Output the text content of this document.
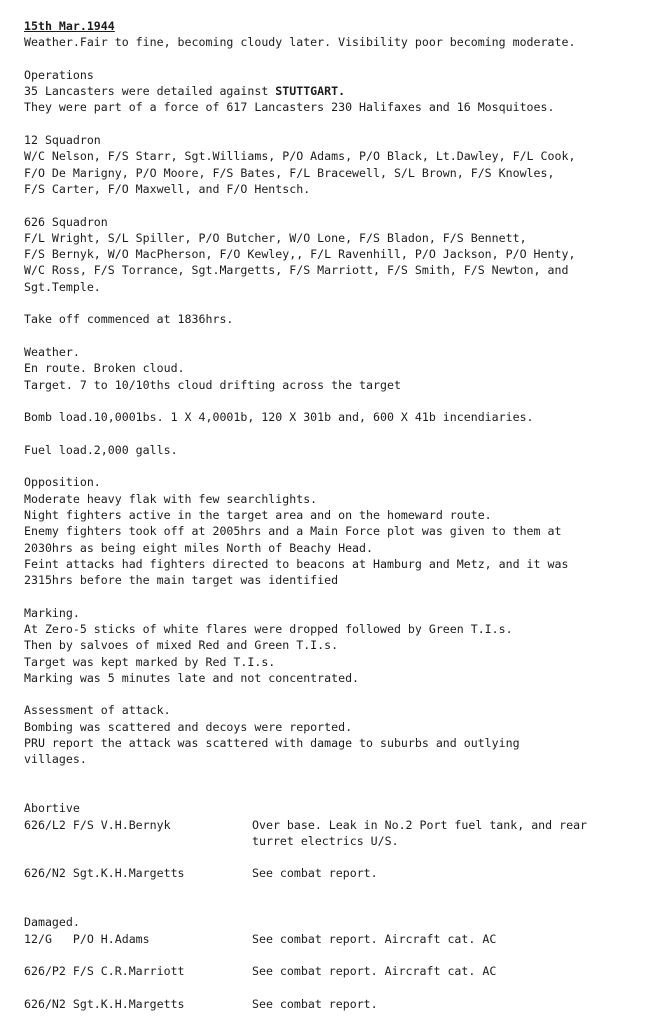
15th Mar.1944
Weather.Fair to fine, becoming cloudy later. Visibility poor becoming moderate.
Operations
35 Lancasters were detailed against STUTTGART.
They were part of a force of 617 Lancasters 230 Halifaxes and 16 Mosquitoes.
12 Squadron
W/C Nelson, F/S Starr, Sgt.Williams, P/O Adams, P/O Black, Lt.Dawley, F/L Cook,
F/O De Marigny, P/O Moore, F/S Bates, F/L Bracewell, S/L Brown, F/S Knowles,
F/S Carter, F/O Maxwell, and F/O Hentsch.
626 Squadron
F/L Wright, S/L Spiller, P/O Butcher, W/O Lone, F/S Bladon, F/S Bennett,
F/S Bernyk, W/O MacPherson, F/O Kewley,, F/L Ravenhill, P/O Jackson, P/O Henty,
W/C Ross, F/S Torrance, Sgt.Margetts, F/S Marriott, F/S Smith, F/S Newton, and
Sgt.Temple.
Take off commenced at 1836hrs.
Weather.
En route. Broken cloud.
Target. 7 to 10/10ths cloud drifting across the target
Bomb load.10,0001bs. 1 X 4,0001b, 120 X 301b and, 600 X 41b incendiaries.
Fuel load.2,000 galls.
Opposition.
Moderate heavy flak with few searchlights.
Night fighters active in the target area and on the homeward route.
Enemy fighters took off at 2005hrs and a Main Force plot was given to them at
2030hrs as being eight miles North of Beachy Head.
Feint attacks had fighters directed to beacons at Hamburg and Metz, and it was
2315hrs before the main target was identified
Marking.
At Zero-5 sticks of white flares were dropped followed by Green T.I.s.
Then by salvoes of mixed Red and Green T.I.s.
Target was kept marked by Red T.I.s.
Marking was 5 minutes late and not concentrated.
Assessment of attack.
Bombing was scattered and decoys were reported.
PRU report the attack was scattered with damage to suburbs and outlying
villages.
Abortive
626/L2 F/S V.H.Bernyk	Over base. Leak in No.2 Port fuel tank, and rear
turret electrics U/S.
626/N2 Sgt.K.H.Margetts	See combat report.
Damaged.
12/G   P/O H.Adams	See combat report. Aircraft cat. AC
626/P2 F/S C.R.Marriott	See combat report. Aircraft cat. AC
626/N2 Sgt.K.H.Margetts	See combat report.
